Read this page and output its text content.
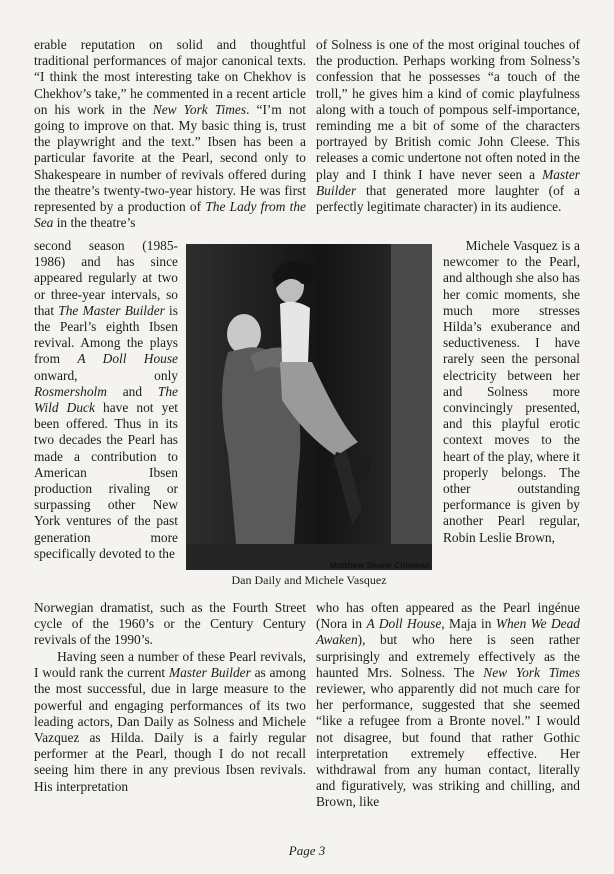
erable reputation on solid and thoughtful traditional performances of major canonical texts. “I think the most interesting take on Chekhov is Chekhov’s take,” he commented in a recent article on his work in the New York Times. “I’m not going to improve on that. My basic thing is, trust the playwright and the text.” Ibsen has been a particular favorite at the Pearl, second only to Shakespeare in number of revivals offered during the theatre’s twenty-two-year history. He was first represented by a production of The Lady from the Sea in the theatre’s

second season (1985-1986) and has since appeared regularly at two or three-year intervals, so that The Master Builder is the Pearl’s eighth Ibsen revival. Among the plays from A Doll House onward, only Rosmersholm and The Wild Duck have not yet been offered. Thus in its two decades the Pearl has made a contribution to American Ibsen production rivaling or surpassing other New York ventures of the past generation more specifically devoted to the

Norwegian dramatist, such as the Fourth Street cycle of the 1960’s or the Century Century revivals of the 1990’s.

Having seen a number of these Pearl revivals, I would rank the current Master Builder as among the most successful, due in large measure to the powerful and engaging performances of its two leading actors, Dan Daily as Solness and Michele Vazquez as Hilda. Daily is a fairly regular performer at the Pearl, though I do not recall seeing him there in any previous Ibsen revivals. His interpretation

of Solness is one of the most original touches of the production. Perhaps working from Solness’s confession that he possesses “a touch of the troll,” he gives him a kind of comic playfulness along with a touch of pompous self-importance, reminding me a bit of some of the characters portrayed by British comic John Cleese. This releases a comic undertone not often noted in the play and I think I have never seen a Master Builder that generated more laughter (of a perfectly legitimate character) in its audience.

Michele Vasquez is a newcomer to the Pearl, and although she also has her comic moments, she much more stresses Hilda’s exuberance and seductiveness. I have rarely seen the personal electricity between her and Solness more convincingly presented, and this playful erotic context moves to the heart of the play, where it properly belongs. The other outstanding performance is given by another Pearl regular, Robin Leslie Brown,

who has often appeared as the Pearl ingénue (Nora in A Doll House, Maja in When We Dead Awaken), but who here is seen rather surprisingly and extremely effectively as the haunted Mrs. Solness. The New York Times reviewer, who apparently did not much care for her performance, suggested that she seemed “like a refugee from a Bronte novel.” I would not disagree, but found that rather Gothic interpretation extremely effective. Her withdrawal from any human contact, literally and figuratively, was striking and chilling, and Brown, like

Matthew Shane Coleman
Dan Daily and Michele Vasquez
Page 3
